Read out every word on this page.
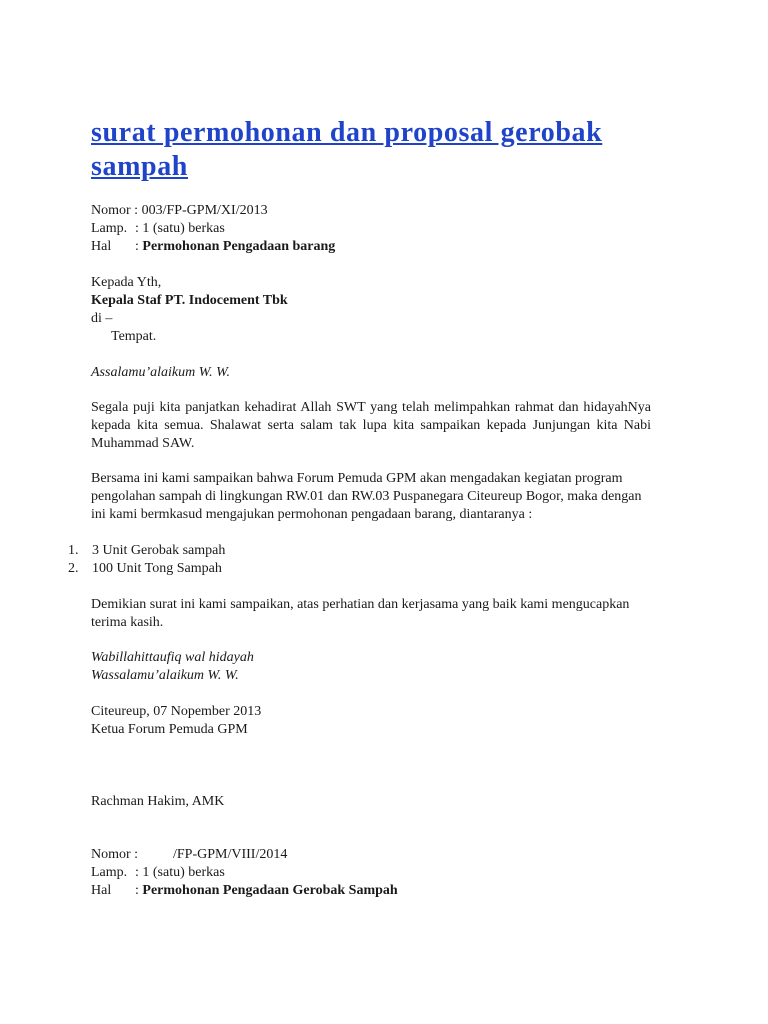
surat permohonan dan proposal gerobak sampah
Nomor : 003/FP-GPM/XI/2013
Lamp. : 1 (satu) berkas
Hal : Permohonan Pengadaan barang
Kepada Yth,
Kepala Staf PT. Indocement Tbk
di –
Tempat.
Assalamu’alaikum W. W.
Segala puji kita panjatkan kehadirat Allah SWT yang telah melimpahkan rahmat dan hidayahNya kepada kita semua. Shalawat serta salam tak lupa kita sampaikan kepada Junjungan kita Nabi Muhammad SAW.
Bersama ini kami sampaikan bahwa Forum Pemuda GPM akan mengadakan kegiatan program pengolahan sampah di lingkungan RW.01 dan RW.03 Puspanegara Citeureup Bogor, maka dengan ini kami bermkasud mengajukan permohonan pengadaan barang, diantaranya :
1. 3 Unit Gerobak sampah
2. 100 Unit Tong Sampah
Demikian surat ini kami sampaikan, atas perhatian dan kerjasama yang baik kami mengucapkan terima kasih.
Wabillahittaufiq wal hidayah
Wassalamu’alaikum W. W.
Citeureup, 07 Nopember 2013
Ketua Forum Pemuda GPM
Rachman Hakim, AMK
Nomor : /FP-GPM/VIII/2014
Lamp. : 1 (satu) berkas
Hal : Permohonan Pengadaan Gerobak Sampah
